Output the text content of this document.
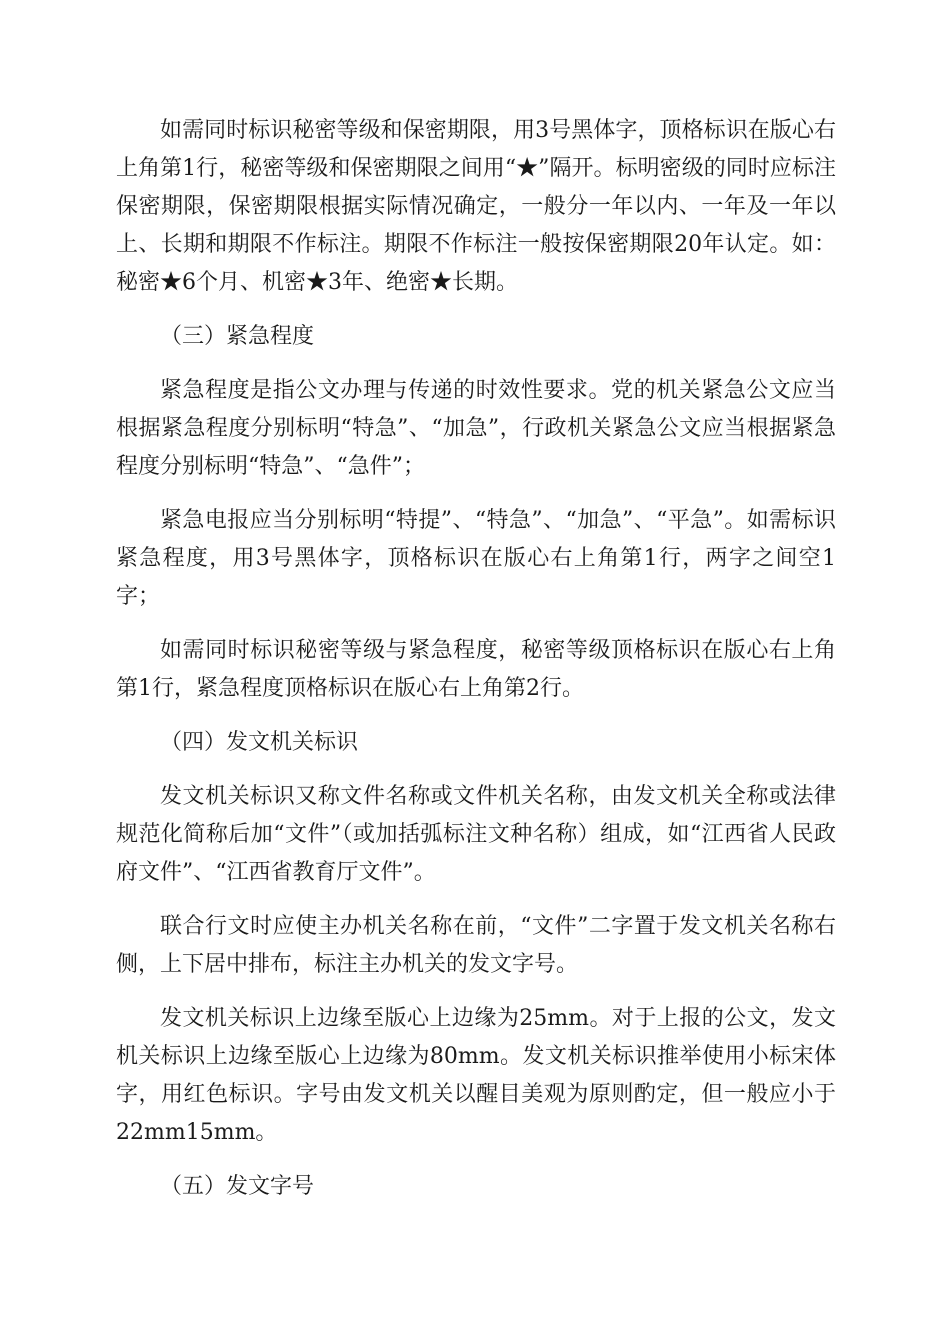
如需同时标识秘密等级和保密期限，用3号黑体字，顶格标识在版心右上角第1行，秘密等级和保密期限之间用“★”隔开。标明密级的同时应标注保密期限，保密期限根据实际情况确定，一般分一年以内、一年及一年以上、长期和期限不作标注。期限不作标注一般按保密期限20年认定。如：秘密★6个月、机密★3年、绝密★长期。

（三）紧急程度

紧急程度是指公文办理与传递的时效性要求。党的机关紧急公文应当根据紧急程度分别标明“特急”、“加急”，行政机关紧急公文应当根据紧急程度分别标明“特急”、“急件”；

紧急电报应当分别标明“特提”、“特急”、“加急”、“平急”。如需标识紧急程度，用3号黑体字，顶格标识在版心右上角第1行，两字之间空1字；

如需同时标识秘密等级与紧急程度，秘密等级顶格标识在版心右上角第1行，紧急程度顶格标识在版心右上角第2行。

（四）发文机关标识

发文机关标识又称文件名称或文件机关名称，由发文机关全称或法律规范化简称后加“文件”（或加括弧标注文种名称）组成，如“江西省人民政府文件”、“江西省教育厅文件”。

联合行文时应使主办机关名称在前，“文件”二字置于发文机关名称右侧，上下居中排布，标注主办机关的发文字号。

发文机关标识上边缘至版心上边缘为25mm。对于上报的公文，发文机关标识上边缘至版心上边缘为80mm。发文机关标识推举使用小标宋体字，用红色标识。字号由发文机关以醒目美观为原则酌定，但一般应小于22mm15mm。

（五）发文字号
